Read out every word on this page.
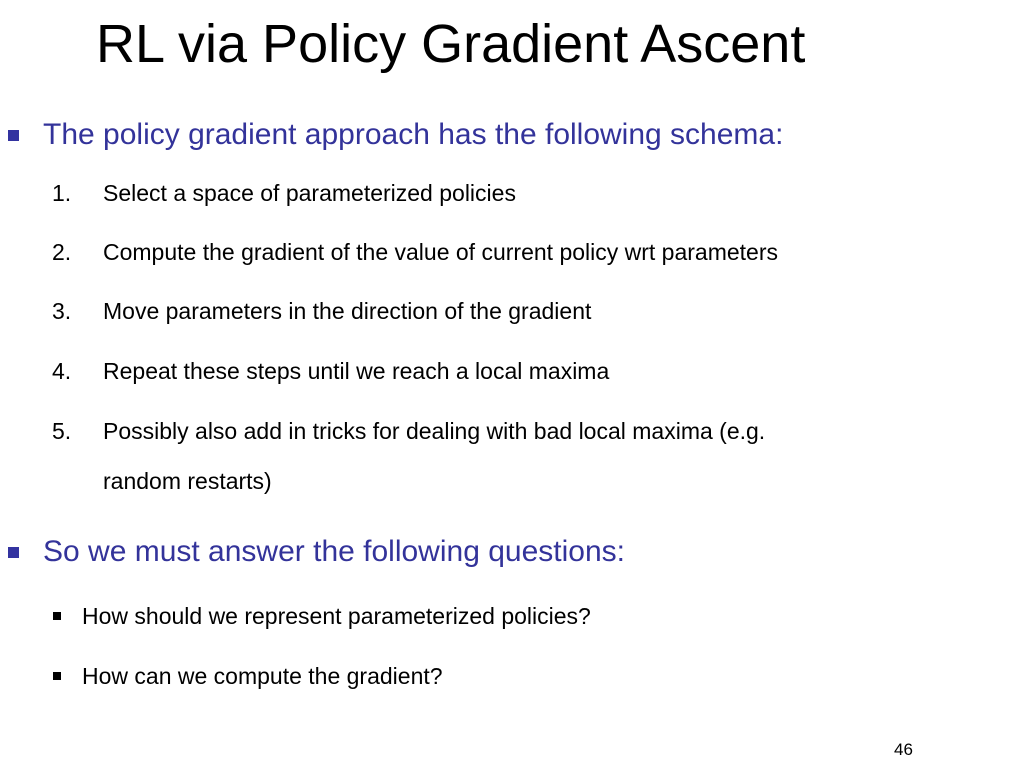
RL via Policy Gradient Ascent
The policy gradient approach has the following schema:
1. Select a space of parameterized policies
2. Compute the gradient of the value of current policy wrt parameters
3. Move parameters in the direction of the gradient
4. Repeat these steps until we reach a local maxima
5. Possibly also add in tricks for dealing with bad local maxima (e.g.
random restarts)
So we must answer the following questions:
How should we represent parameterized policies?
How can we compute the gradient?
46
